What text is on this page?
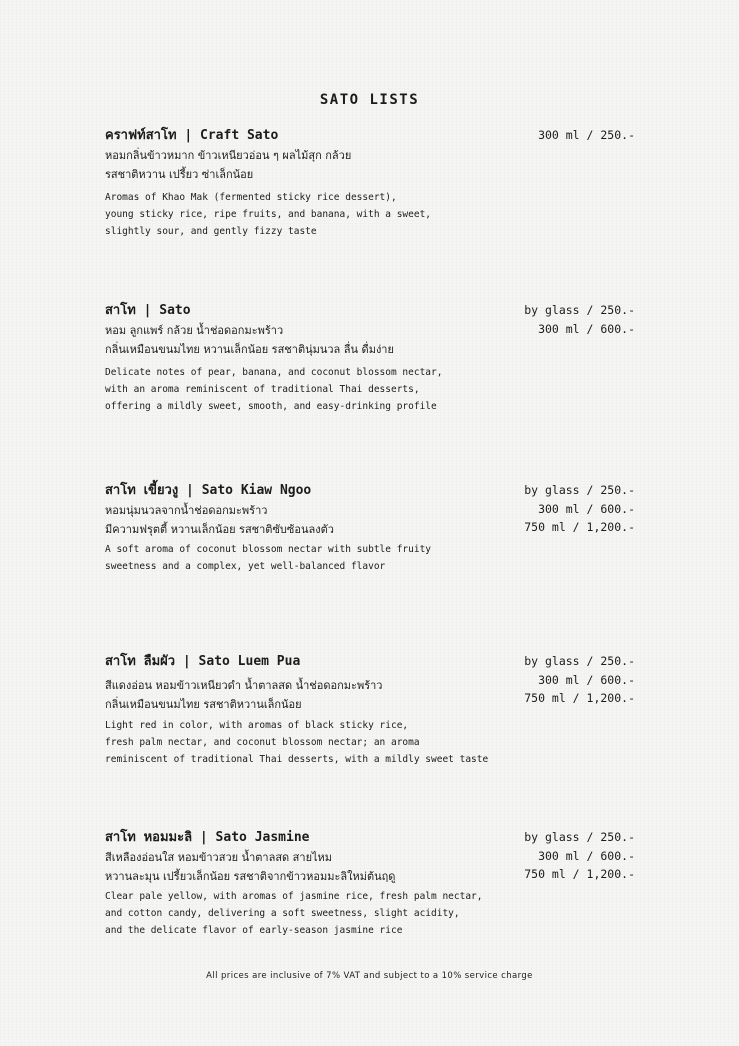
SATO LISTS
คราฟท์สาโท | Craft Sato
หอมกลิ่นข้าวหมาก ข้าวเหนียวอ่อน ๆ ผลไม้สุก กล้วย
รสชาติหวาน เปรี้ยว ซ่าเล็กน้อย
Aromas of Khao Mak (fermented sticky rice dessert),
young sticky rice, ripe fruits, and banana, with a sweet,
slightly sour, and gently fizzy taste
300 ml / 250.-
สาโท | Sato
หอม ลูกแพร์ กล้วย น้ำช่อดอกมะพร้าว
กลิ่นเหมือนขนมไทย หวานเล็กน้อย รสชาตินุ่มนวล ลื่น ดื่มง่าย
Delicate notes of pear, banana, and coconut blossom nectar,
with an aroma reminiscent of traditional Thai desserts,
offering a mildly sweet, smooth, and easy-drinking profile
by glass / 250.-
300 ml / 600.-
สาโท เขี้ยวงู | Sato Kiaw Ngoo
หอมนุ่มนวลจากน้ำช่อดอกมะพร้าว
มีความฟรุตตี้ หวานเล็กน้อย รสชาติซับซ้อนลงตัว
A soft aroma of coconut blossom nectar with subtle fruity
sweetness and a complex, yet well-balanced flavor
by glass / 250.-
300 ml / 600.-
750 ml / 1,200.-
สาโท ลืมผัว | Sato Luem Pua
สีแดงอ่อน หอมข้าวเหนียวดำ น้ำตาลสด น้ำช่อดอกมะพร้าว
กลิ่นเหมือนขนมไทย รสชาติหวานเล็กน้อย
Light red in color, with aromas of black sticky rice,
fresh palm nectar, and coconut blossom nectar; an aroma
reminiscent of traditional Thai desserts, with a mildly sweet taste
by glass / 250.-
300 ml / 600.-
750 ml / 1,200.-
สาโท หอมมะลิ | Sato Jasmine
สีเหลืองอ่อนใส หอมข้าวสวย น้ำตาลสด สายไหม
หวานละมุน เปรี้ยวเล็กน้อย รสชาติจากข้าวหอมมะลิใหม่ต้นฤดู
Clear pale yellow, with aromas of jasmine rice, fresh palm nectar,
and cotton candy, delivering a soft sweetness, slight acidity,
and the delicate flavor of early-season jasmine rice
by glass / 250.-
300 ml / 600.-
750 ml / 1,200.-
All prices are inclusive of 7% VAT and subject to a 10% service charge
